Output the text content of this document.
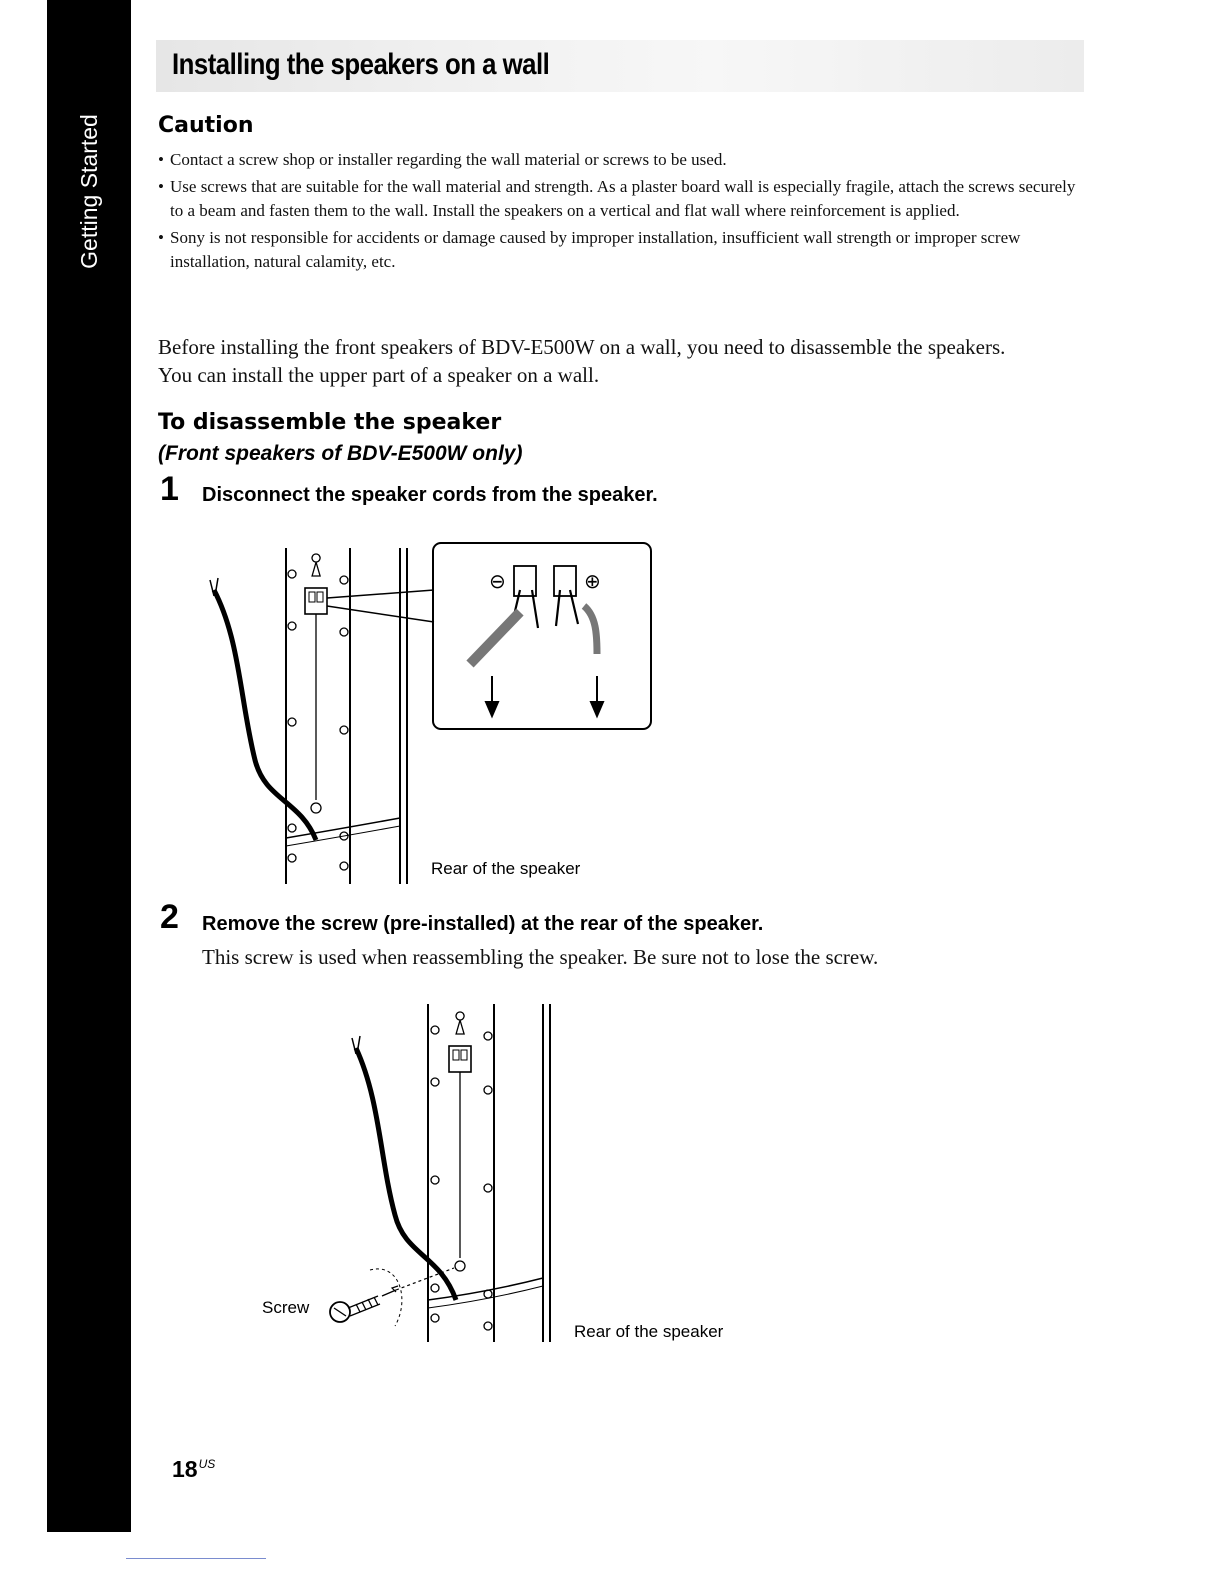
Getting Started
Installing the speakers on a wall
Caution
• Contact a screw shop or installer regarding the wall material or screws to be used.
• Use screws that are suitable for the wall material and strength. As a plaster board wall is especially fragile, attach the screws securely to a beam and fasten them to the wall. Install the speakers on a vertical and flat wall where reinforcement is applied.
• Sony is not responsible for accidents or damage caused by improper installation, insufficient wall strength or improper screw installation, natural calamity, etc.

Before installing the front speakers of BDV-E500W on a wall, you need to disassemble the speakers.

You can install the upper part of a speaker on a wall.

To disassemble the speaker
(Front speakers of BDV-E500W only)
1 Disconnect the speaker cords from the speaker.
⊖	⊕
Rear of the speaker
2 Remove the screw (pre-installed) at the rear of the speaker.
This screw is used when reassembling the speaker. Be sure not to lose the screw.
Screw
Rear of the speaker
$18^{US}$
